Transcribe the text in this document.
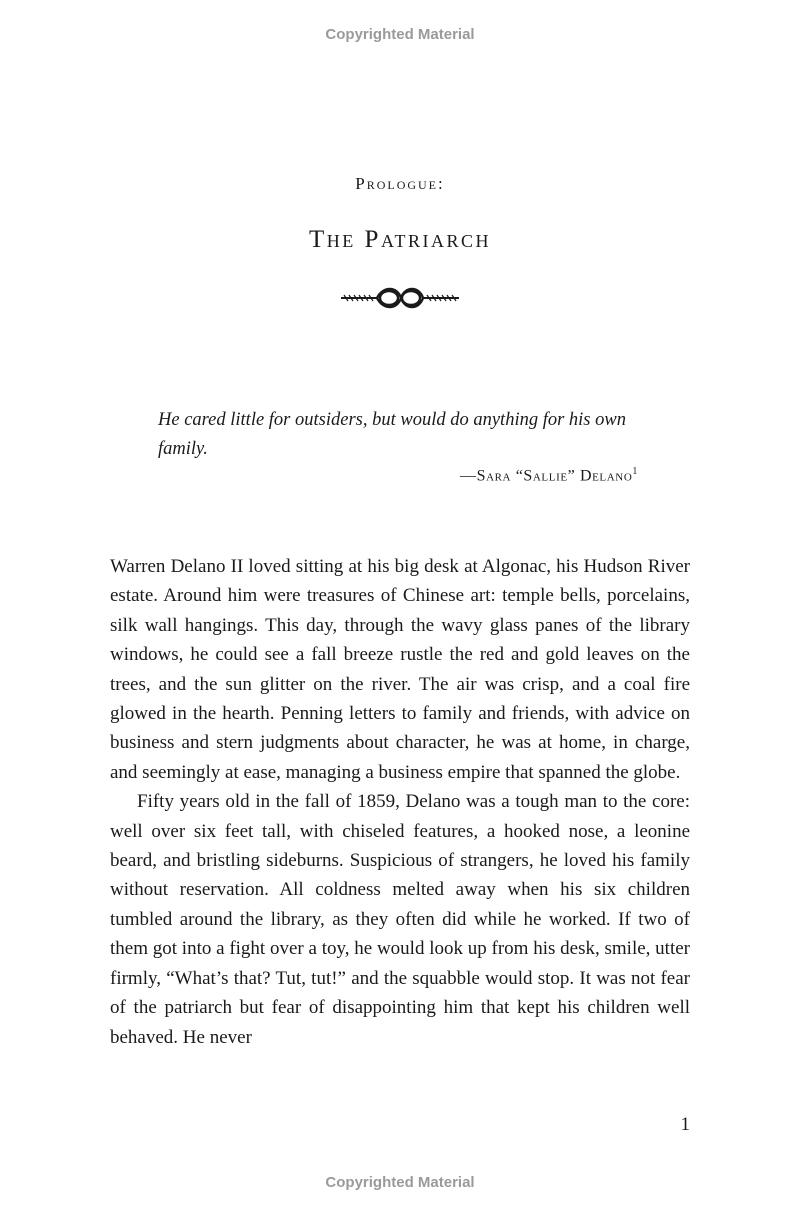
Copyrighted Material
Prologue:
The Patriarch

He cared little for outsiders, but would do anything for his own family.

—Sara “Sallie” Delano$^1$

Warren Delano II loved sitting at his big desk at Algonac, his Hudson River estate. Around him were treasures of Chinese art: temple bells, porcelains, silk wall hangings. This day, through the wavy glass panes of the library windows, he could see a fall breeze rustle the red and gold leaves on the trees, and the sun glitter on the river. The air was crisp, and a coal fire glowed in the hearth. Penning letters to family and friends, with advice on business and stern judgments about character, he was at home, in charge, and seemingly at ease, managing a business empire that spanned the globe.

Fifty years old in the fall of 1859, Delano was a tough man to the core: well over six feet tall, with chiseled features, a hooked nose, a leonine beard, and bristling sideburns. Suspicious of strangers, he loved his family without reservation. All coldness melted away when his six children tumbled around the library, as they often did while he worked. If two of them got into a fight over a toy, he would look up from his desk, smile, utter firmly, “What’s that? Tut, tut!” and the squabble would stop. It was not fear of the patriarch but fear of disappointing him that kept his children well behaved. He never

1
Copyrighted Material
